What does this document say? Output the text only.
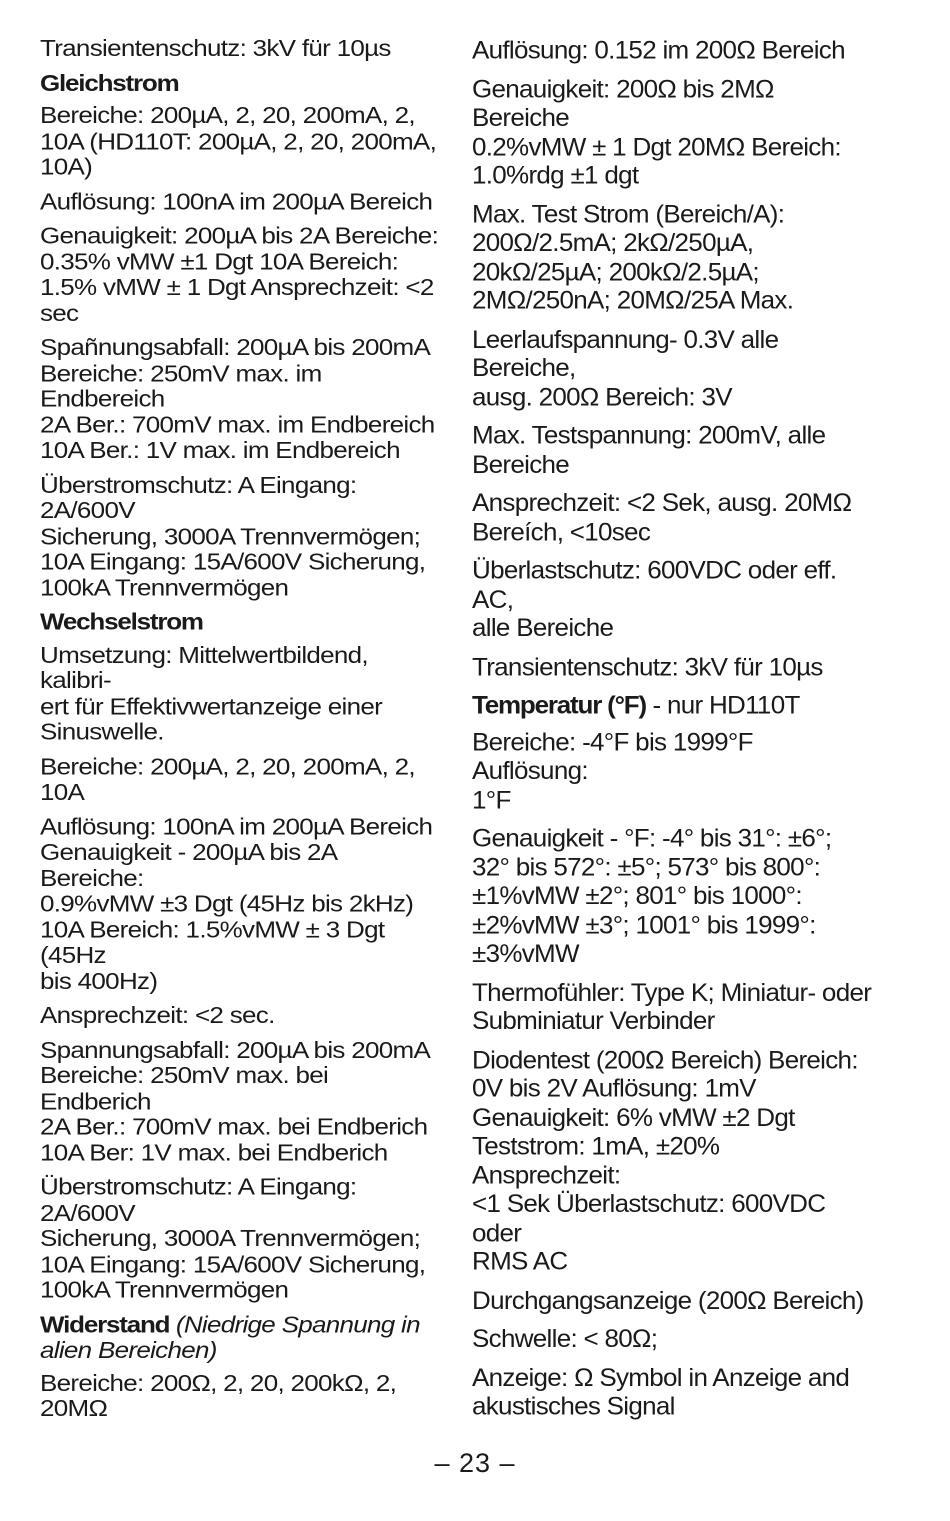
Transientenschutz: 3kV für 10µs

Gleichstrom

Bereiche: 200µA, 2, 20, 200mA, 2,
10A (HD110T: 200µA, 2, 20, 200mA,
10A)

Auflösung: 100nA im 200µA Bereich

Genauigkeit: 200µA bis 2A Bereiche:
0.35% vMW ±1 Dgt 10A Bereich:
1.5% vMW ± 1 Dgt Ansprechzeit: <2
sec

Spañnungsabfall: 200µA bis 200mA
Bereiche: 250mV max. im Endbereich
2A Ber.: 700mV max. im Endbereich
10A Ber.: 1V max. im Endbereich

Überstromschutz: A Eingang: 2A/600V
Sicherung, 3000A Trennvermögen;
10A Eingang: 15A/600V Sicherung,
100kA Trennvermögen

Wechselstrom

Umsetzung: Mittelwertbildend, kalibri-
ert für Effektivwertanzeige einer
Sinuswelle.

Bereiche: 200µA, 2, 20, 200mA, 2,
10A

Auflösung: 100nA im 200µA Bereich

Genauigkeit - 200µA bis 2A Bereiche:
0.9%vMW ±3 Dgt (45Hz bis 2kHz)
10A Bereich: 1.5%vMW ± 3 Dgt (45Hz
bis 400Hz)

Ansprechzeit: <2 sec.

Spannungsabfall: 200µA bis 200mA
Bereiche: 250mV max. bei Endberich
2A Ber.: 700mV max. bei Endberich
10A Ber: 1V max. bei Endberich

Überstromschutz: A Eingang: 2A/600V
Sicherung, 3000A Trennvermögen;
10A Eingang: 15A/600V Sicherung,
100kA Trennvermögen

Widerstand (Niedrige Spannung in
alien Bereichen)

Bereiche: 200Ω, 2, 20, 200kΩ, 2,
20MΩ

Auflösung: 0.152 im 200Ω Bereich

Genauigkeit: 200Ω bis 2MΩ Bereiche
0.2%vMW ± 1 Dgt 20MΩ Bereich:
1.0%rdg ±1 dgt

Max. Test Strom (Bereich/A):
200Ω/2.5mA; 2kΩ/250µA,
20kΩ/25µA; 200kΩ/2.5µA;
2MΩ/250nA; 20MΩ/25A Max.

Leerlaufspannung- 0.3V alle Bereiche,
ausg. 200Ω Bereich: 3V

Max. Testspannung: 200mV, alle
Bereiche

Ansprechzeit: <2 Sek, ausg. 20MΩ
Bereích, <10sec

Überlastschutz: 600VDC oder eff. AC,
alle Bereiche

Transientenschutz: 3kV für 10µs

Temperatur (°F) - nur HD110T

Bereiche: -4°F bis 1999°F Auflösung:
1°F

Genauigkeit - °F: -4° bis 31°: ±6°;
32° bis 572°: ±5°; 573° bis 800°:
±1%vMW ±2°; 801° bis 1000°:
±2%vMW ±3°; 1001° bis 1999°:
±3%vMW

Thermofühler: Type K; Miniatur- oder
Subminiatur Verbinder

Diodentest (200Ω Bereich) Bereich:
0V bis 2V Auflösung: 1mV
Genauigkeit: 6% vMW ±2 Dgt
Teststrom: 1mA, ±20% Ansprechzeit:
<1 Sek Überlastschutz: 600VDC oder
RMS AC

Durchgangsanzeige (200Ω Bereich)

Schwelle: < 80Ω;

Anzeige: Ω Symbol in Anzeige and
akustisches Signal

– 23 –
